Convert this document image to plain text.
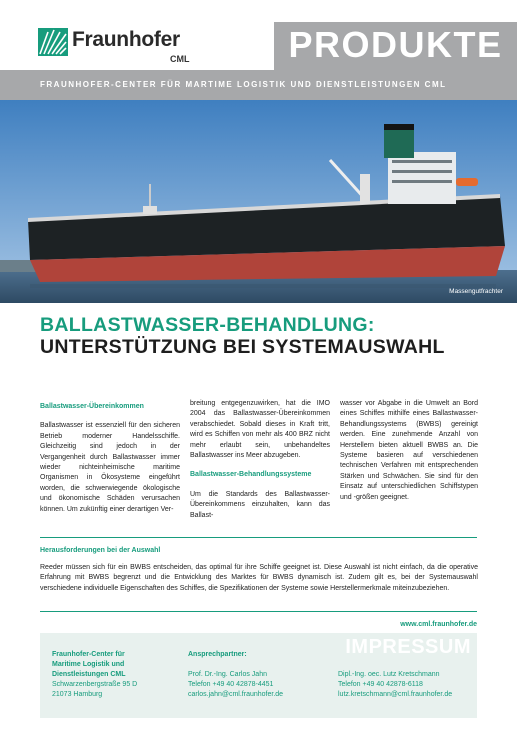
Fraunhofer
CML	PRODUKTE
FRAUNHOFER-CENTER FÜR MARTIME LOGISTIK UND DIENSTLEISTUNGEN CML
Massengutfrachter
BALLASTWASSER-BEHANDLUNG:
UNTERSTÜTZUNG BEI SYSTEMAUSWAHL
Ballastwasser-Übereinkommen

Ballastwasser ist essenziell für den sicheren Betrieb moderner Handelsschiffe. Gleichzeitig sind jedoch in der Vergangenheit durch Ballastwasser immer wieder nichteinheimische maritime Organismen in Ökosysteme eingeführt worden, die schwerwiegende ökologische und ökonomische Schäden verursachen können. Um zukünftig einer derartigen Ver-

breitung entgegenzuwirken, hat die IMO 2004 das Ballastwasser-Übereinkommen verabschiedet. Sobald dieses in Kraft tritt, wird es Schiffen von mehr als 400 BRZ nicht mehr erlaubt sein, unbehandeltes Ballastwasser ins Meer abzugeben.

Ballastwasser-Behandlungssysteme

Um die Standards des Ballastwasser-Übereinkommens einzuhalten, kann das Ballast-

wasser vor Abgabe in die Umwelt an Bord eines Schiffes mithilfe eines Ballastwasser-Behandlungssystems (BWBS) gereinigt werden. Eine zunehmende Anzahl von Herstellern bieten aktuell BWBS an. Die Systeme basieren auf verschiedenen technischen Verfahren mit entsprechenden Stärken und Schwächen. Sie sind für den Einsatz auf unterschiedlichen Schiffstypen und -größen geeignet.

Herausforderungen bei der Auswahl
Reeder müssen sich für ein BWBS entscheiden, das optimal für ihre Schiffe geeignet ist. Diese Auswahl ist nicht einfach, da die operative Erfahrung mit BWBS begrenzt und die Entwicklung des Marktes für BWBS dynamisch ist. Zudem gilt es, bei der Systemauswahl verschiedene individuelle Eigenschaften des Schiffes, die Spezifikationen der Systeme sowie Herstellermerkmale miteinzubeziehen.
www.cml.fraunhofer.de
IMPRESSUM
Fraunhofer-Center für
Maritime Logistik und
Dienstleistungen CML
Schwarzenbergstraße 95 D
21073 Hamburg
Ansprechpartner:
Prof. Dr.-Ing. Carlos Jahn
Telefon +49 40 42878-4451
carlos.jahn@cml.fraunhofer.de
Dipl.-Ing. oec. Lutz Kretschmann
Telefon +49 40 42878-6118
lutz.kretschmann@cml.fraunhofer.de
